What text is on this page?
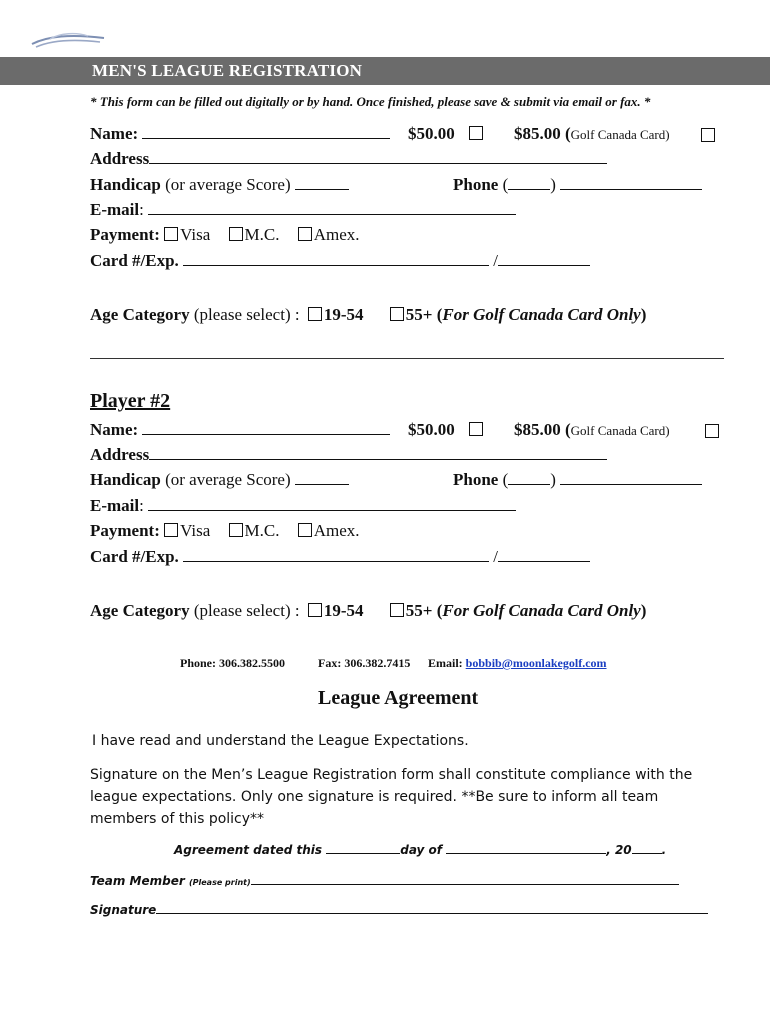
MEN'S LEAGUE REGISTRATION
* This form can be filled out digitally or by hand. Once finished, please save & submit via email or fax. *
Name:	$50.00	$85.00 (Golf Canada Card)
Address
Handicap (or average Score)	Phone ( )
E-mail:
Payment: Visa M.C. Amex.
Card #/Exp.	/
Age Category (please select) : 19-54 55+ (For Golf Canada Card Only)
Player #2
Name:	$50.00	$85.00 (Golf Canada Card)
Address
Handicap (or average Score)	Phone ( )
E-mail:
Payment: Visa M.C. Amex.
Card #/Exp.	/
Age Category (please select) : 19-54 55+ (For Golf Canada Card Only)
Phone: 306.382.5500	Fax: 306.382.7415 Email: bobbib@moonlakegolf.com
League Agreement
I have read and understand the League Expectations.
Signature on the Men’s League Registration form shall constitute compliance with the league expectations. Only one signature is required. **Be sure to inform all team members of this policy**
Agreement dated this	day of	, 20	.
Team Member (Please print)
Signature
